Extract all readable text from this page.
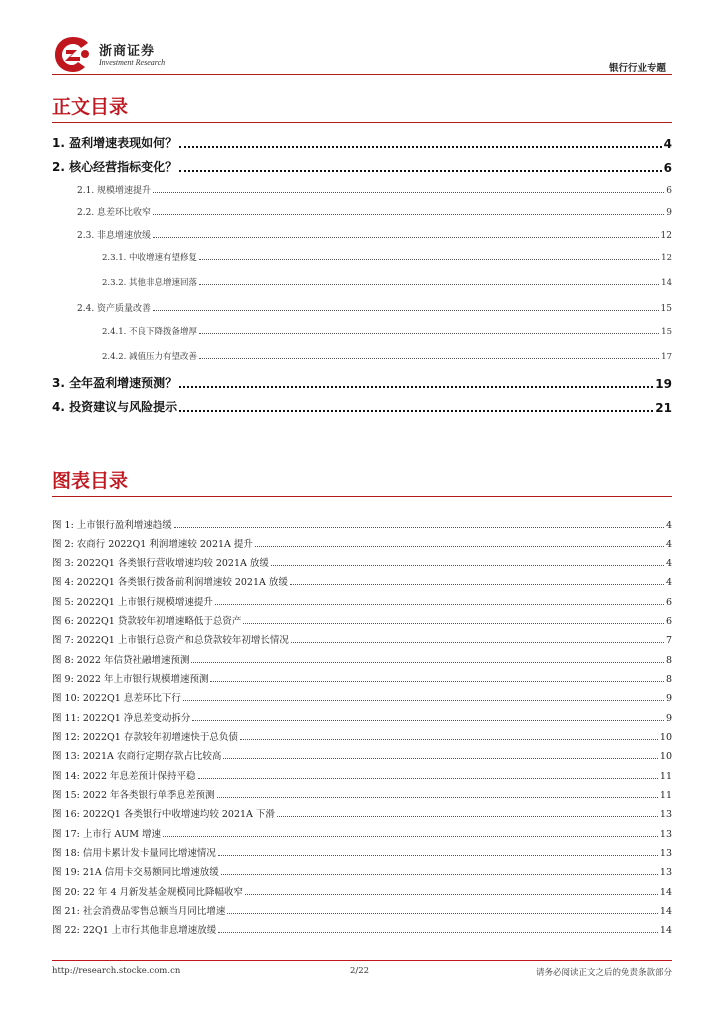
浙商证券
Investment Research
银行行业专题
正文目录
1. 盈利增速表现如何？	4
2. 核心经营指标变化？	6
2.1. 规模增速提升	6
2.2. 息差环比收窄	9
2.3. 非息增速放缓	12
2.3.1. 中收增速有望修复	12
2.3.2. 其他非息增速回落	14
2.4. 资产质量改善	15
2.4.1. 不良下降拨备增厚	15
2.4.2. 减值压力有望改善	17
3. 全年盈利增速预测？	19
4. 投资建议与风险提示	21
图表目录
图 1: 上市银行盈利增速趋缓	4
图 2: 农商行 2022Q1 利润增速较 2021A 提升	4
图 3: 2022Q1 各类银行营收增速均较 2021A 放缓	4
图 4: 2022Q1 各类银行拨备前利润增速较 2021A 放缓	4
图 5: 2022Q1 上市银行规模增速提升	6
图 6: 2022Q1 贷款较年初增速略低于总资产	6
图 7: 2022Q1 上市银行总资产和总贷款较年初增长情况	7
图 8: 2022 年信贷社融增速预测	8
图 9: 2022 年上市银行规模增速预测	8
图 10: 2022Q1 息差环比下行	9
图 11: 2022Q1 净息差变动拆分	9
图 12: 2022Q1 存款较年初增速快于总负债	10
图 13: 2021A 农商行定期存款占比较高	10
图 14: 2022 年息差预计保持平稳	11
图 15: 2022 年各类银行单季息差预测	11
图 16: 2022Q1 各类银行中收增速均较 2021A 下滑	13
图 17: 上市行 AUM 增速	13
图 18: 信用卡累计发卡量同比增速情况	13
图 19: 21A 信用卡交易额同比增速放缓	13
图 20: 22 年 4 月新发基金规模同比降幅收窄	14
图 21: 社会消费品零售总额当月同比增速	14
图 22: 22Q1 上市行其他非息增速放缓	14
http://research.stocke.com.cn	2/22	请务必阅读正文之后的免责条款部分
